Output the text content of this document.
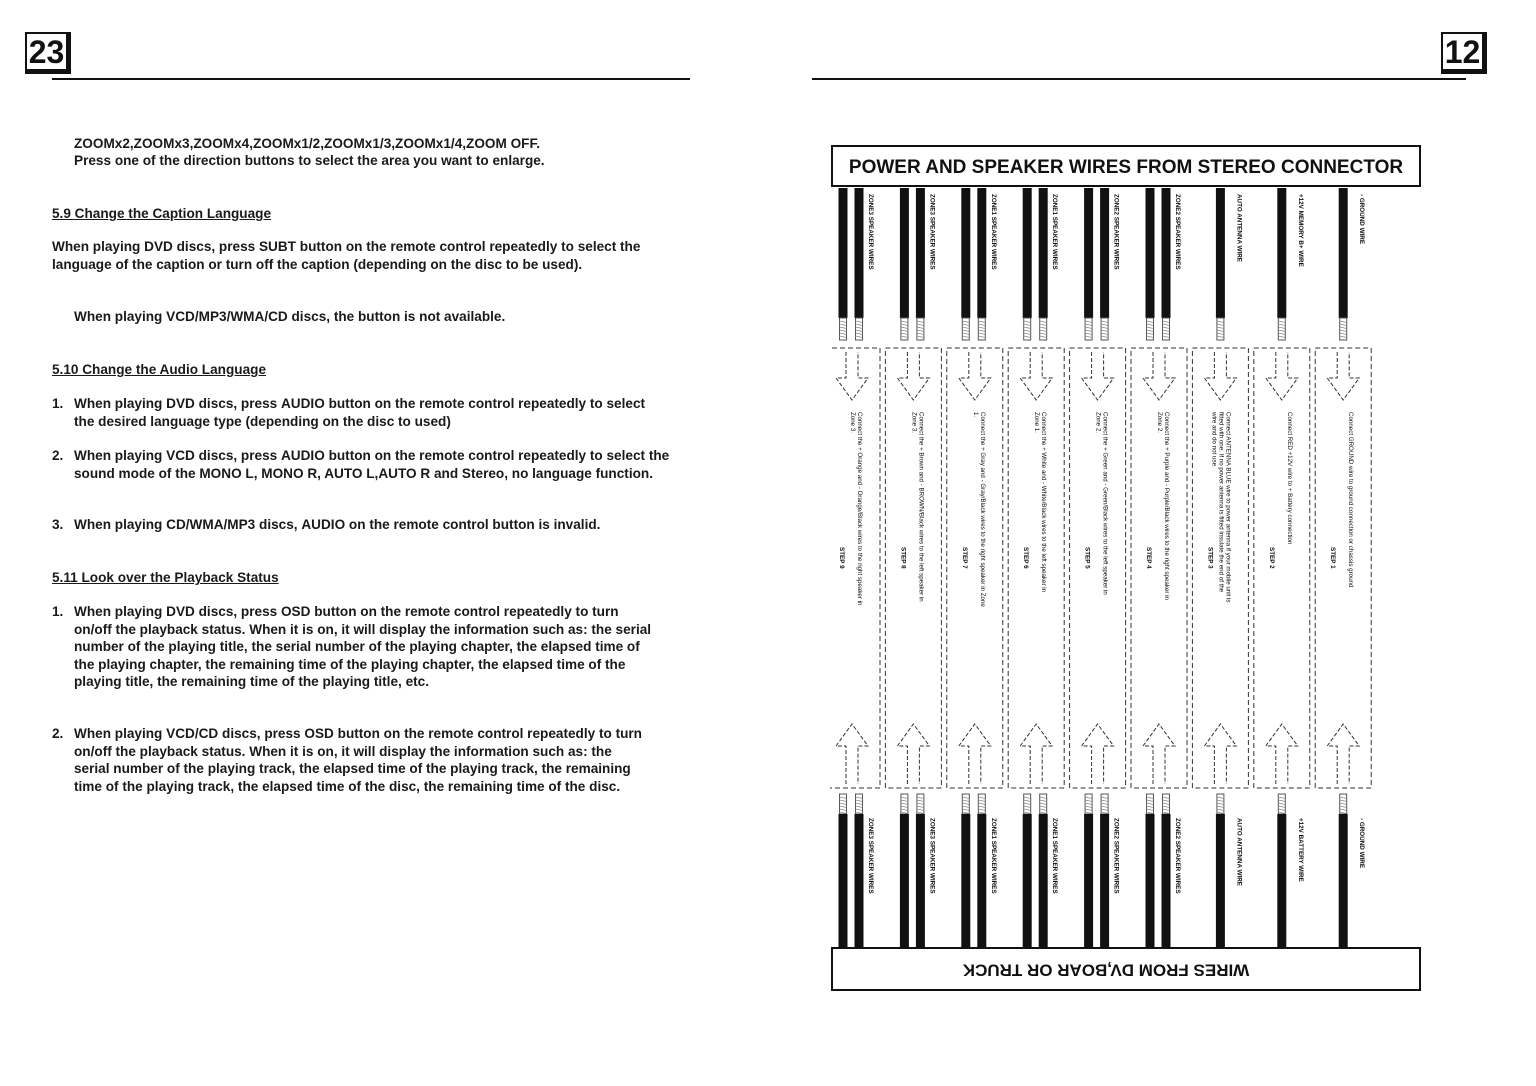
23
ZOOMx2,ZOOMx3,ZOOMx4,ZOOMx1/2,ZOOMx1/3,ZOOMx1/4,ZOOM OFF.
Press one of the direction buttons to select the area you want to enlarge.
5.9 Change the Caption Language
When playing DVD discs, press SUBT button on the remote control repeatedly to select the language of the caption or turn off the caption (depending on the disc to be used).
When playing VCD/MP3/WMA/CD discs, the button is not available.
5.10 Change the Audio Language
1. When playing DVD discs, press AUDIO button on the remote control repeatedly to select the desired language type (depending on the disc to used)
2. When playing VCD discs, press AUDIO button on the remote control repeatedly to select the sound mode of the MONO L, MONO R, AUTO L,AUTO R and Stereo, no language function.
3. When playing CD/WMA/MP3 discs, AUDIO on the remote control button is invalid.
5.11 Look over the Playback Status
1. When playing DVD discs, press OSD button on the remote control repeatedly to turn on/off the playback status. When it is on, it will display the information such as: the serial number of the playing title, the serial number of the playing chapter, the elapsed time of the playing chapter, the remaining time of the playing chapter, the elapsed time of the playing title, the remaining time of the playing title, etc.
2. When playing VCD/CD discs, press OSD button on the remote control repeatedly to turn on/off the playback status. When it is on, it will display the information such as: the serial number of the playing track, the elapsed time of the playing track, the remaining time of the playing track, the elapsed time of the disc, the remaining time of the disc.
12
POWER AND SPEAKER WIRES FROM STEREO CONNECTOR
WIRES FROM DV,BOAR OR TRUCK
ZONE3 SPEAKER WIRES
Connect the + Orange and - Orange/Black wires to the right speaker inZone 3.
STEP 9
ZONE3 SPEAKER WIRES
ZONE3 SPEAKER WIRES
Connect the + Brown and - BROWN/Black wires to the left speaker inZone 3.
STEP 8
ZONE3 SPEAKER WIRES
ZONE1 SPEAKER WIRES
Connect the + Gray and - Gray/Black wires to the right speaker in Zone1.
STEP 7
ZONE1 SPEAKER WIRES
ZONE1 SPEAKER WIRES
Connect the + White and - White/Black wires to the left speaker inZone 1.
STEP 6
ZONE1 SPEAKER WIRES
ZONE2 SPEAKER WIRES
Connect the + Green and - Green/Black wires to the left speaker inZone 2.
STEP 5
ZONE2 SPEAKER WIRES
ZONE2 SPEAKER WIRES
Connect the + Purple and - Purple/Black wires to the right speaker inZone 2.
STEP 4
ZONE2 SPEAKER WIRES
AUTO ANTENNA WIRE
Connect ANTENNA BLUE wire to power antenna if your mobile unit isfitted with one. If no power antenna is fitted insulate the end of thewire and do not use.
STEP 3
AUTO ANTENNA WIRE
+12V MEMORY B+ WIRE
Connect RED +12V wire to + Battery connection
STEP 2
+12V BATTERY WIRE
- GROUND WIRE
Connect GROUND wire to ground connection or chassis ground
STEP 1
- GROUND WIRE
